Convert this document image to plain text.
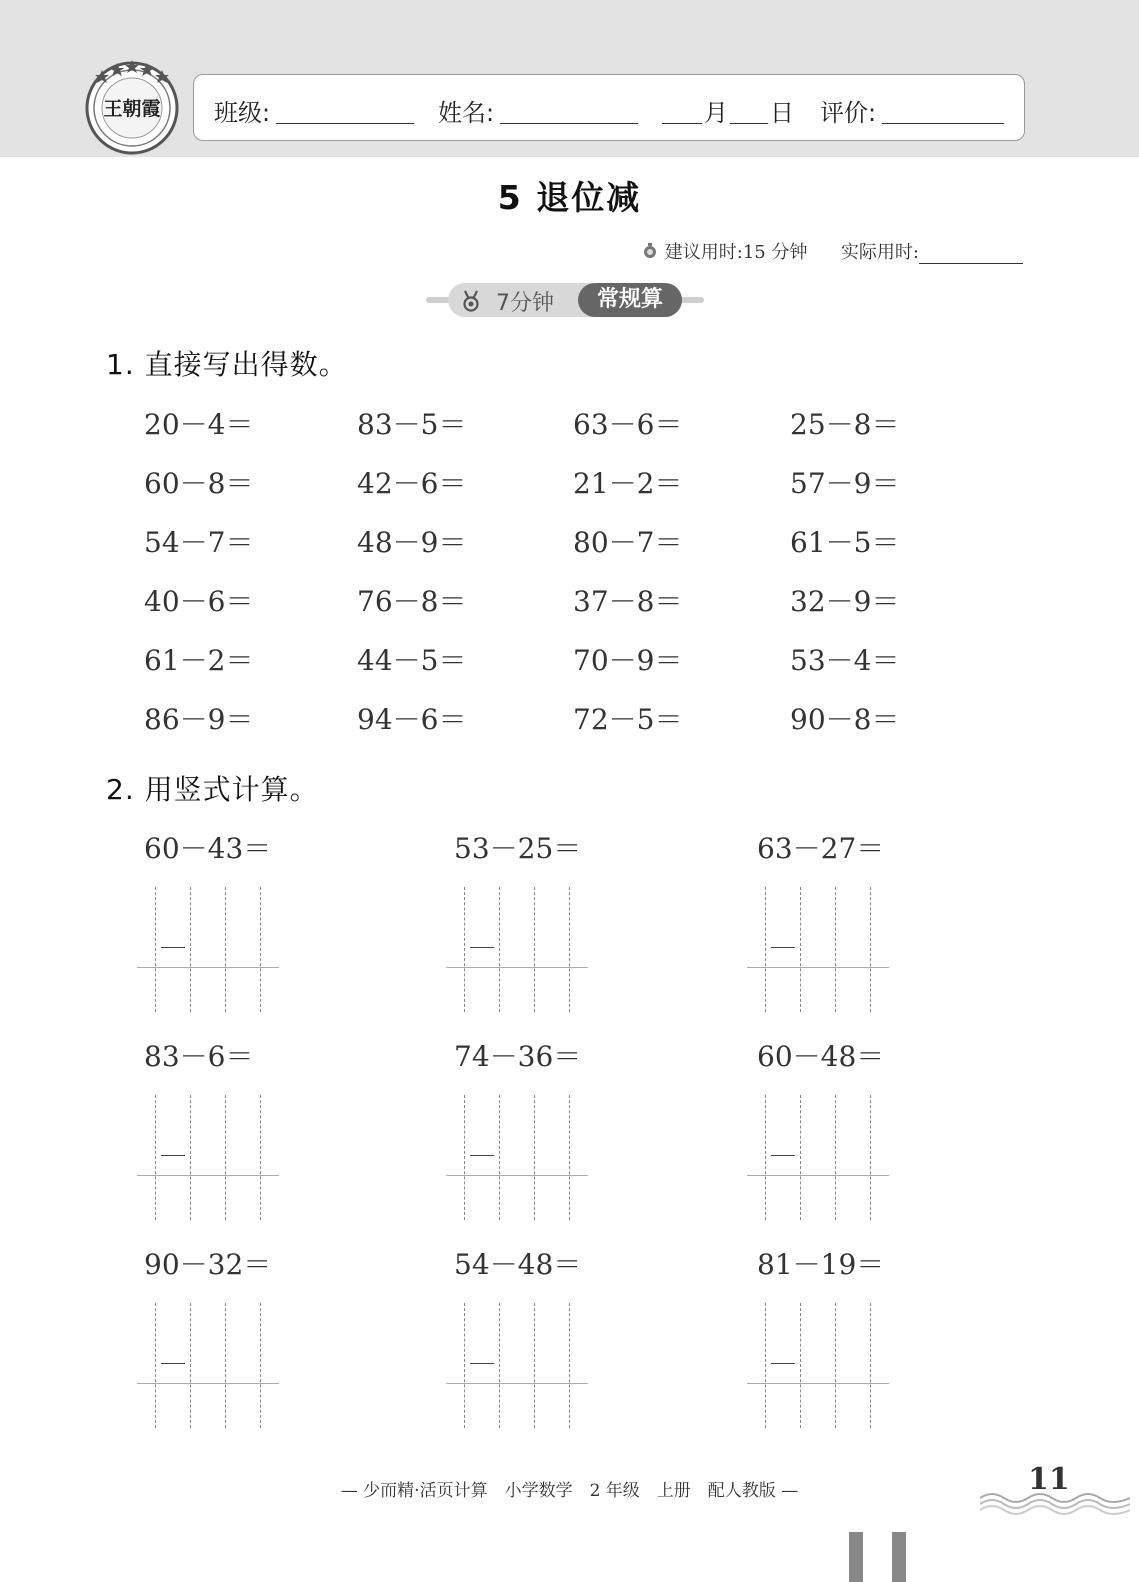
王朝霞 班级:	姓名:	月 日 评价:
5 退位减
建议用时:15 分钟 实际用时:
7分钟	常规算
1. 直接写出得数。
20－4＝	83－5＝	63－6＝	25－8＝
60－8＝	42－6＝	21－2＝	57－9＝
54－7＝	48－9＝	80－7＝	61－5＝
40－6＝	76－8＝	37－8＝	32－9＝
61－2＝	44－5＝	70－9＝	53－4＝
86－9＝	94－6＝	72－5＝	90－8＝
2. 用竖式计算。
60－43＝	53－25＝	63－27＝
83－6＝	74－36＝	60－48＝
90－32＝	54－48＝	81－19＝
— 少而精·活页计算　小学数学　2 年级　上册　配人教版 —	11
